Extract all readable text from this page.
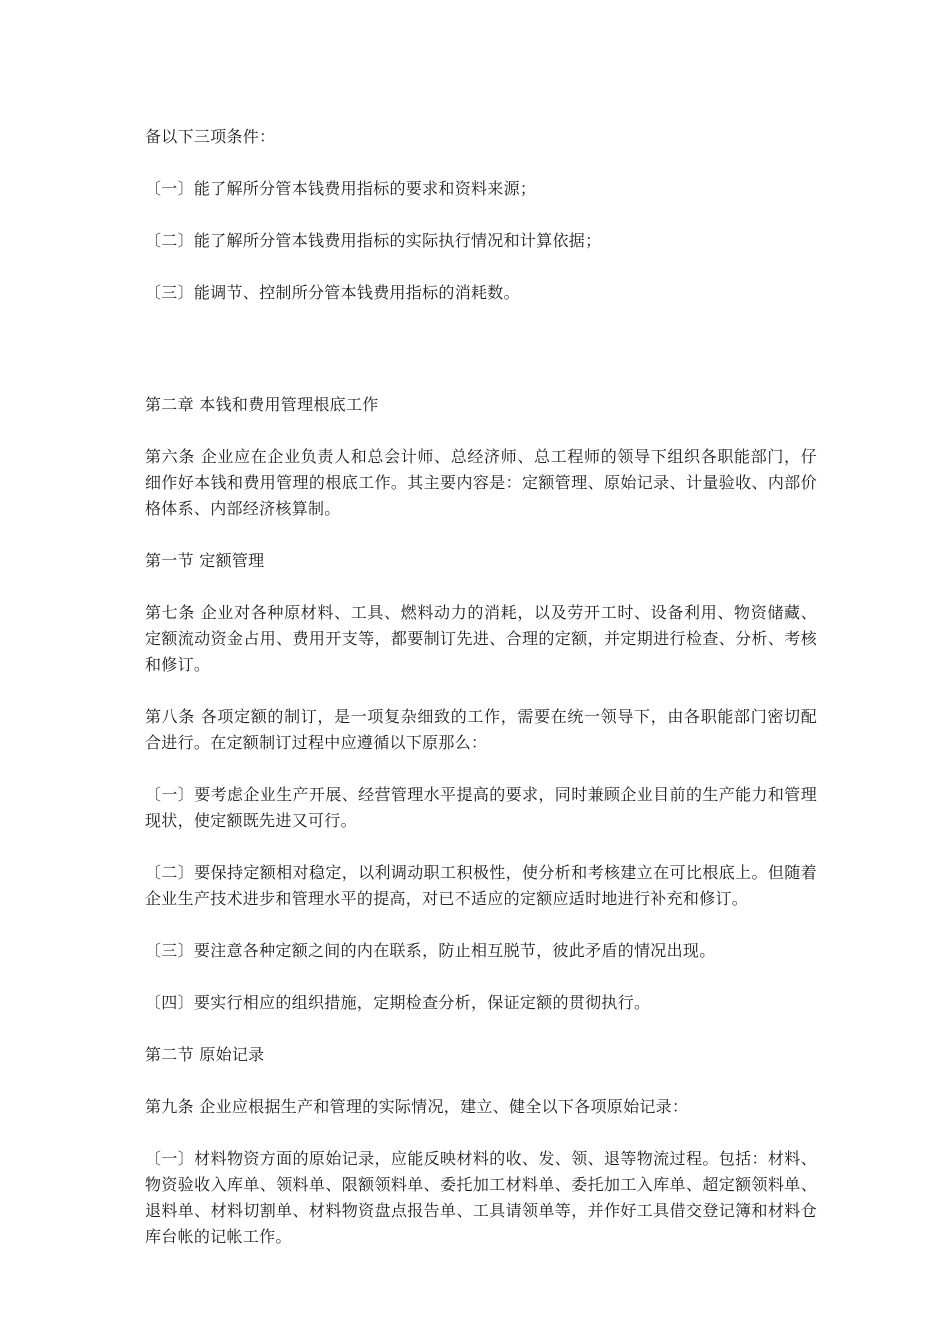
备以下三项条件：

〔一〕能了解所分管本钱费用指标的要求和资料来源；

〔二〕能了解所分管本钱费用指标的实际执行情况和计算依据；

〔三〕能调节、控制所分管本钱费用指标的消耗数。

第二章 本钱和费用管理根底工作

第六条 企业应在企业负责人和总会计师、总经济师、总工程师的领导下组织各职能部门，仔细作好本钱和费用管理的根底工作。其主要内容是：定额管理、原始记录、计量验收、内部价格体系、内部经济核算制。

第一节 定额管理

第七条 企业对各种原材料、工具、燃料动力的消耗，以及劳开工时、设备利用、物资储藏、定额流动资金占用、费用开支等，都要制订先进、合理的定额，并定期进行检查、分析、考核和修订。

第八条 各项定额的制订，是一项复杂细致的工作，需要在统一领导下，由各职能部门密切配合进行。在定额制订过程中应遵循以下原那么：

〔一〕要考虑企业生产开展、经营管理水平提高的要求，同时兼顾企业目前的生产能力和管理现状，使定额既先进又可行。

〔二〕要保持定额相对稳定，以利调动职工积极性，使分析和考核建立在可比根底上。但随着企业生产技术进步和管理水平的提高，对已不适应的定额应适时地进行补充和修订。

〔三〕要注意各种定额之间的内在联系，防止相互脱节，彼此矛盾的情况出现。

〔四〕要实行相应的组织措施，定期检查分析，保证定额的贯彻执行。

第二节 原始记录

第九条 企业应根据生产和管理的实际情况，建立、健全以下各项原始记录：

〔一〕材料物资方面的原始记录，应能反映材料的收、发、领、退等物流过程。包括：材料、物资验收入库单、领料单、限额领料单、委托加工材料单、委托加工入库单、超定额领料单、退料单、材料切割单、材料物资盘点报告单、工具请领单等，并作好工具借交登记簿和材料仓库台帐的记帐工作。
